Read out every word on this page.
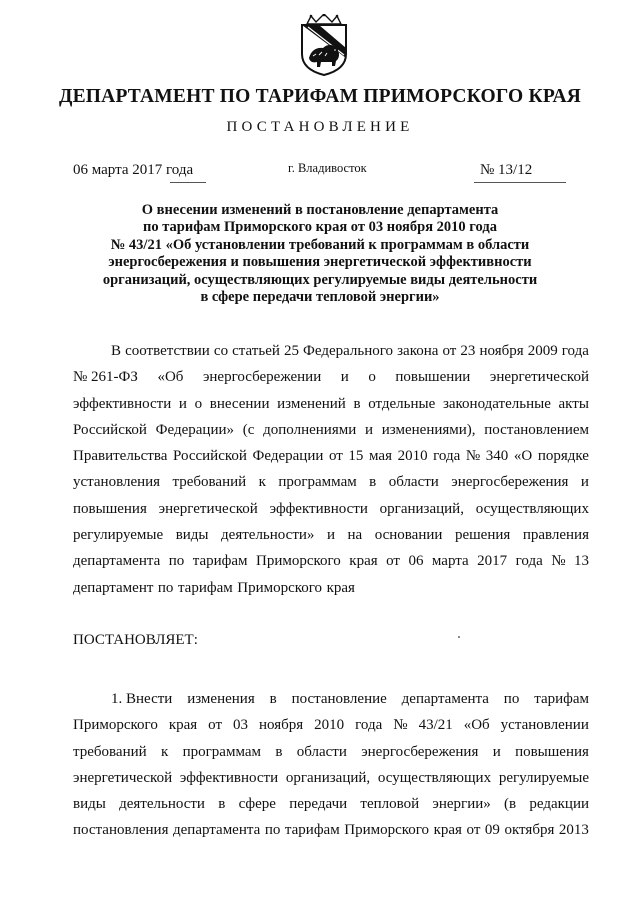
ДЕПАРТАМЕНТ ПО ТАРИФАМ ПРИМОРСКОГО КРАЯ
ПОСТАНОВЛЕНИЕ
06 марта 2017 года	г. Владивосток	№ 13/12
О внесении изменений в постановление департамента
по тарифам Приморского края от 03 ноября 2010 года
№ 43/21 «Об установлении требований к программам в области
энергосбережения и повышения энергетической эффективности
организаций, осуществляющих регулируемые виды деятельности
в сфере передачи тепловой энергии»
В соответствии со статьей 25 Федерального закона от 23 ноября 2009 года
№ 261-ФЗ «Об энергосбережении и о повышении энергетической
эффективности и о внесении изменений в отдельные законодательные акты
Российской Федерации» (с дополнениями и изменениями), постановлением
Правительства Российской Федерации от 15 мая 2010 года № 340 «О порядке
установления требований к программам в области энергосбережения и
повышения энергетической эффективности организаций, осуществляющих
регулируемые виды деятельности» и на основании решения правления
департамента по тарифам Приморского края от 06 марта 2017 года № 13
департамент по тарифам Приморского края
ПОСТАНОВЛЯЕТ:
1. Внести изменения в постановление департамента по тарифам
Приморского края от 03 ноября 2010 года № 43/21 «Об установлении
требований к программам в области энергосбережения и повышения
энергетической эффективности организаций, осуществляющих регулируемые
виды деятельности в сфере передачи тепловой энергии» (в редакции
постановления департамента по тарифам Приморского края от 09 октября 2013
